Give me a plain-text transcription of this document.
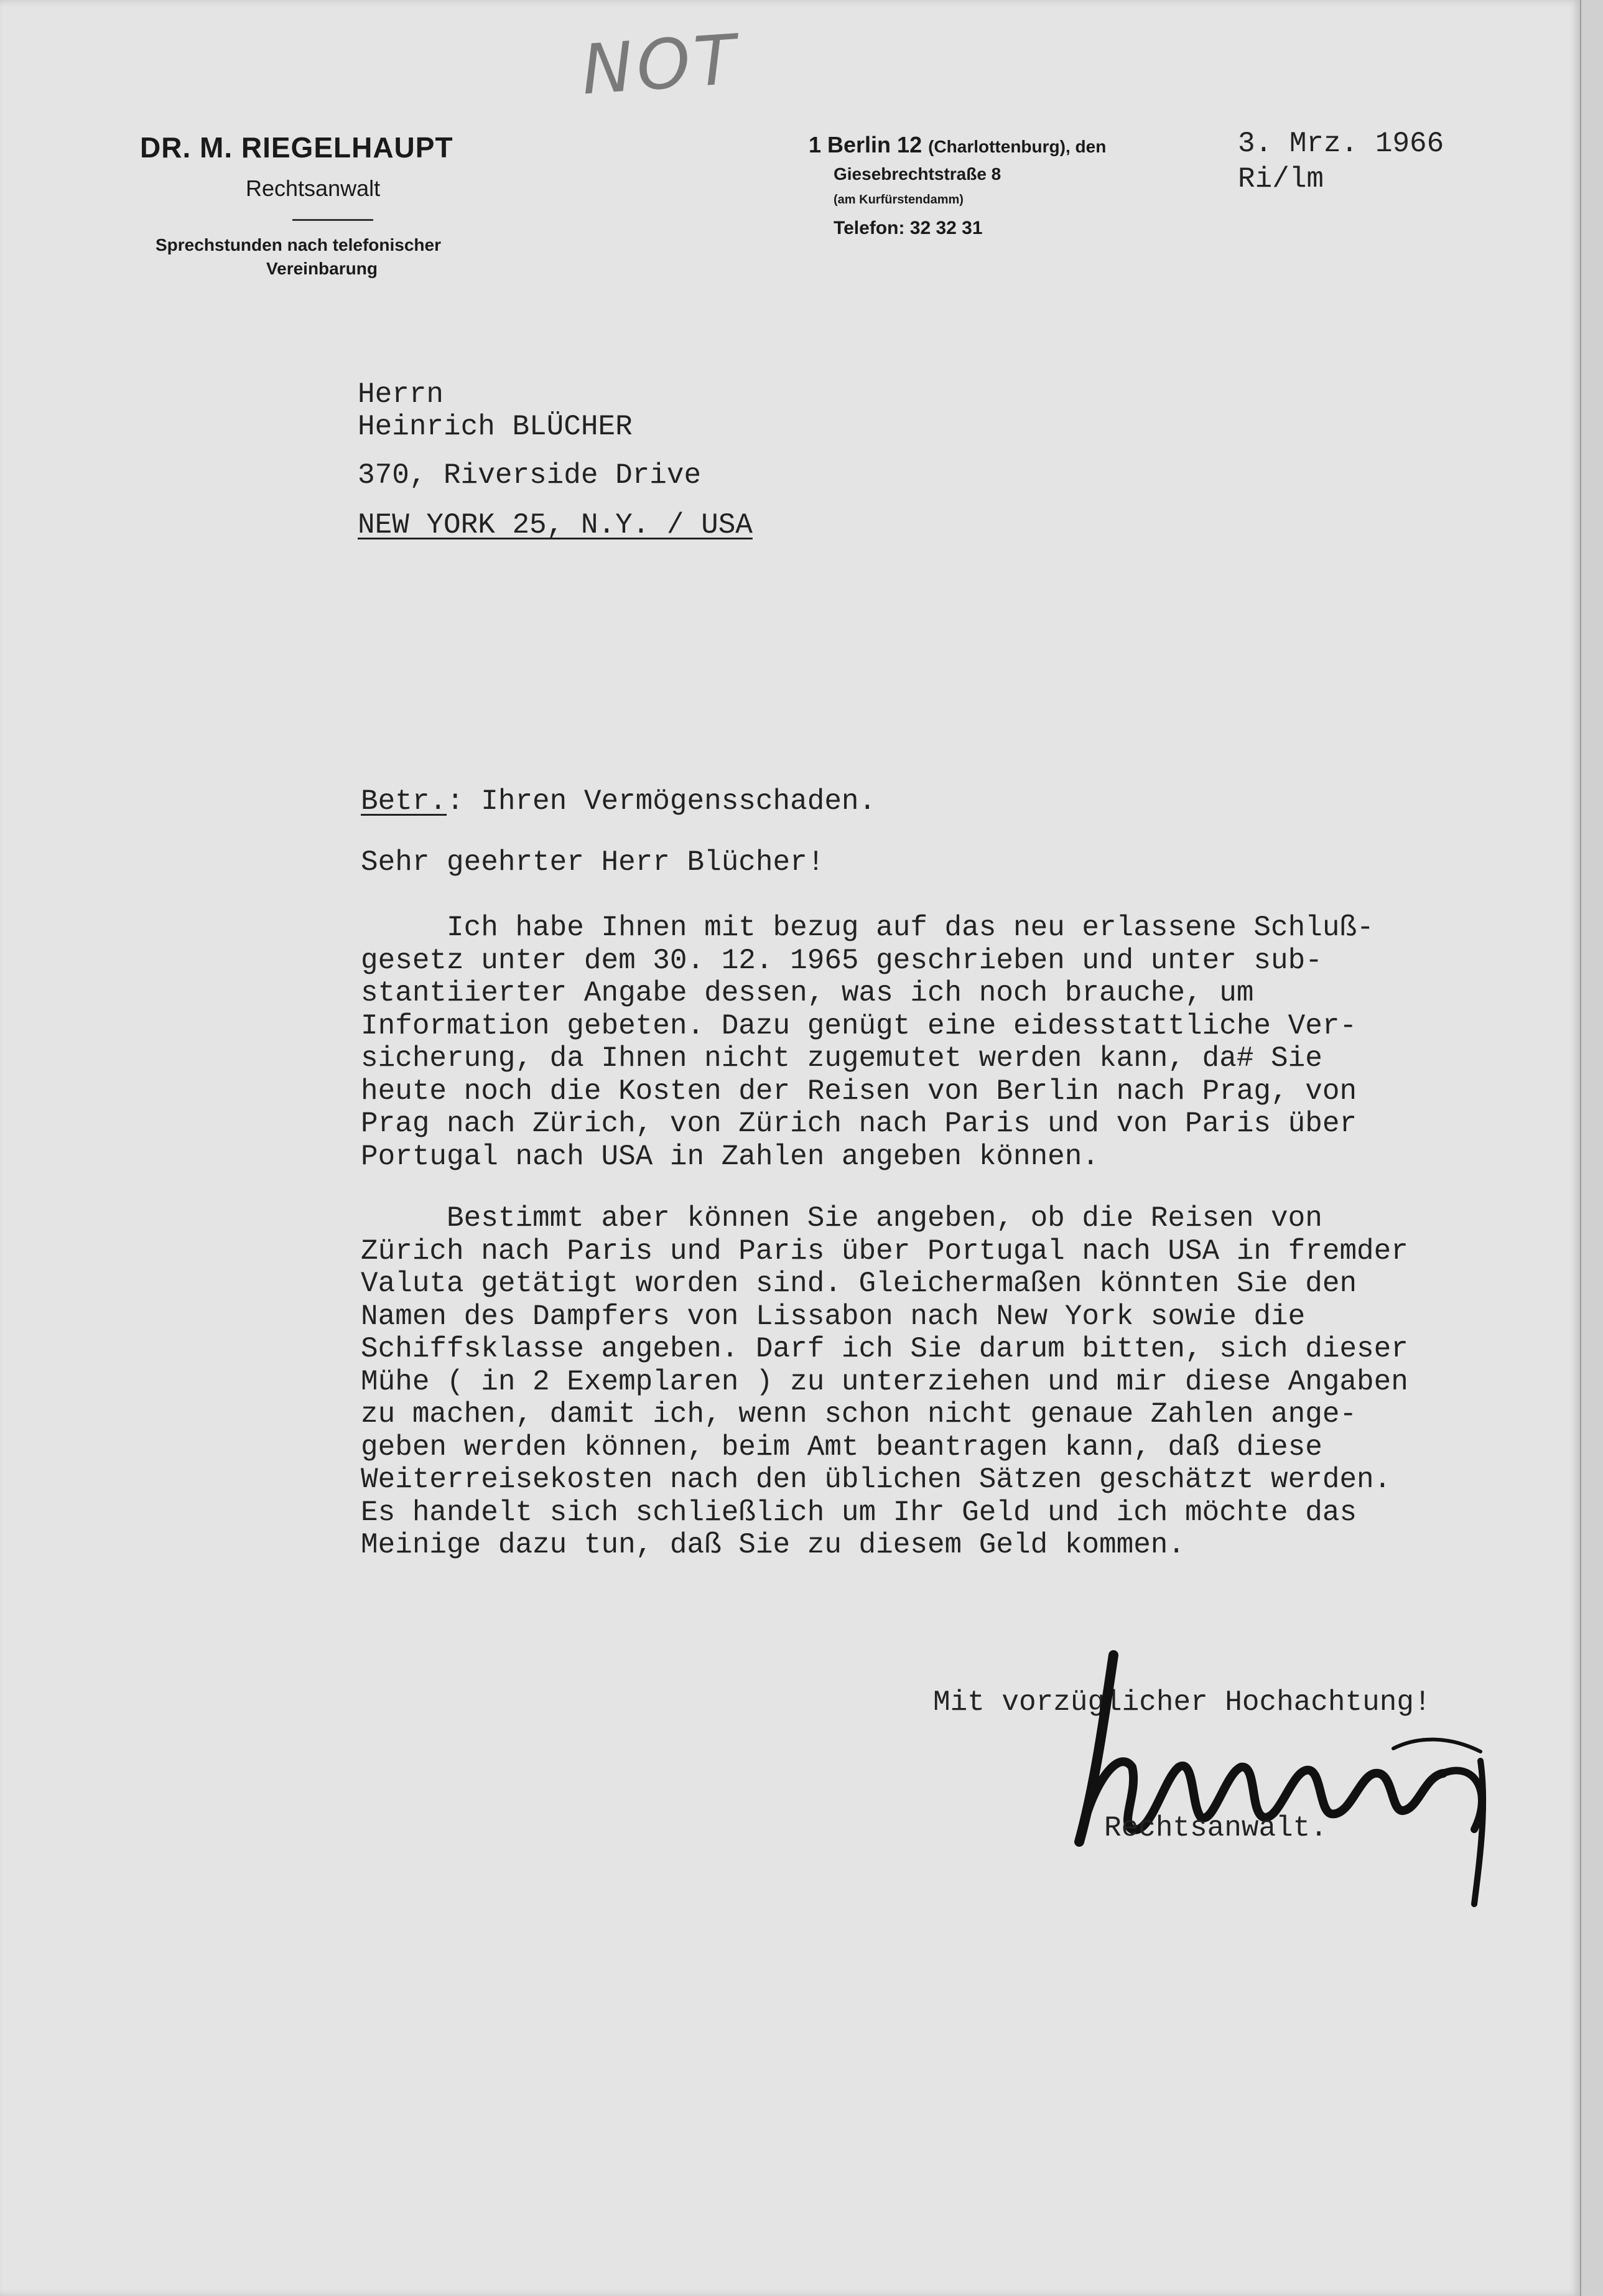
NOT
DR. M. RIEGELHAUPT
Rechtsanwalt
Sprechstunden nach telefonischer
Vereinbarung
1 Berlin 12 (Charlottenburg), den
Giesebrechtstraße 8
(am Kurfürstendamm)
Telefon: 32 32 31
3. Mrz. 1966
Ri/lm
Herrn
Heinrich BLÜCHER
370, Riverside Drive
NEW YORK 25, N.Y. / USA
Betr.: Ihren Vermögensschaden.
Sehr geehrter Herr Blücher!
Ich habe Ihnen mit bezug auf das neu erlassene Schluß-
gesetz unter dem 30. 12. 1965 geschrieben und unter sub-
stantiierter Angabe dessen, was ich noch brauche, um
Information gebeten. Dazu genügt eine eidesstattliche Ver-
sicherung, da Ihnen nicht zugemutet werden kann, da# Sie
heute noch die Kosten der Reisen von Berlin nach Prag, von
Prag nach Zürich, von Zürich nach Paris und von Paris über
Portugal nach USA in Zahlen angeben können.
Bestimmt aber können Sie angeben, ob die Reisen von
Zürich nach Paris und Paris über Portugal nach USA in fremder
Valuta getätigt worden sind. Gleichermaßen könnten Sie den
Namen des Dampfers von Lissabon nach New York sowie die
Schiffsklasse angeben. Darf ich Sie darum bitten, sich dieser
Mühe ( in 2 Exemplaren ) zu unterziehen und mir diese Angaben
zu machen, damit ich, wenn schon nicht genaue Zahlen ange-
geben werden können, beim Amt beantragen kann, daß diese
Weiterreisekosten nach den üblichen Sätzen geschätzt werden.
Es handelt sich schließlich um Ihr Geld und ich möchte das
Meinige dazu tun, daß Sie zu diesem Geld kommen.
Mit vorzüglicher Hochachtung!
Rechtsanwalt.
